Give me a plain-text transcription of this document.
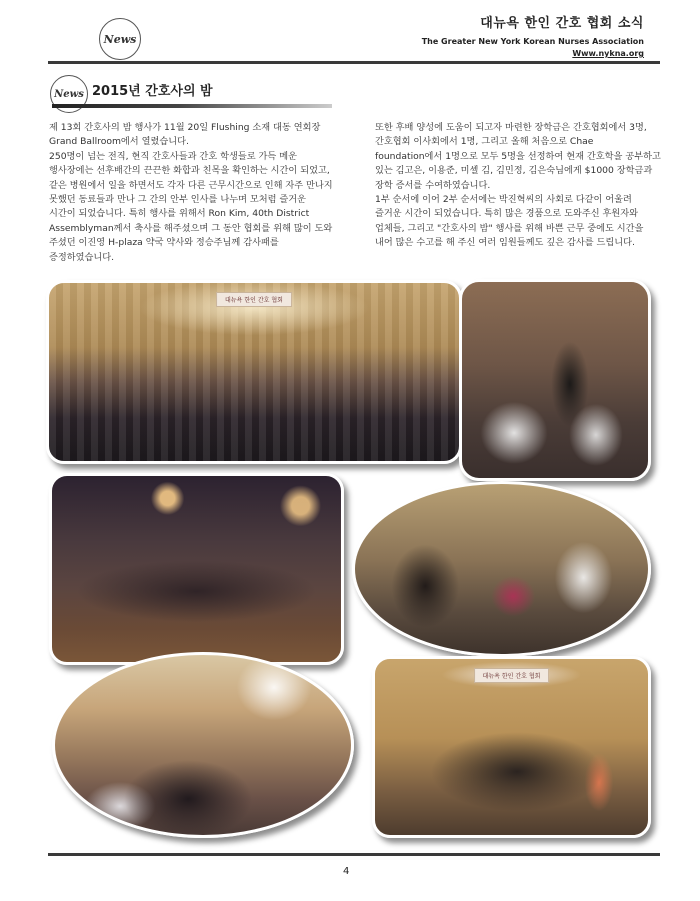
News
대뉴욕 한인 간호 협회 소식
The Greater New York Korean Nurses Association
Www.nykna.org
News 2015년 간호사의 밤

제 13회 간호사의 밤 행사가 11월 20일 Flushing 소재 대동 연회장 Grand Ballroom에서 열렸습니다.

250명이 넘는 전직, 현직 간호사들과 간호 학생들로 가득 메운 행사장에는 선후배간의 끈끈한 화합과 친목을 확인하는 시간이 되었고, 같은 병원에서 일을 하면서도 각자 다른 근무시간으로 인해 자주 만나지 못했던 동료들과 만나 그 간의 안부 인사를 나누며 모처럼 즐거운 시간이 되었습니다. 특히 행사를 위해서 Ron Kim, 40th District Assemblyman께서 축사를 해주셨으며 그 동안 협회를 위해 많이 도와 주셨던 이진영 H-plaza 약국 약사와 정승주님께 감사패를 증정하였습니다.

또한 후배 양성에 도움이 되고자 마련한 장학금은 간호협회에서 3명, 간호협회 이사회에서 1명, 그리고 올해 처음으로 Chae foundation에서 1명으로 모두 5명을 선정하여 현재 간호학을 공부하고 있는 김고은, 이용준, 미셸 김, 김민정, 김은숙님에게 $1000 장학금과 장학 증서를 수여하였습니다.

1부 순서에 이어 2부 순서에는 박진혁씨의 사회로 다같이 어울려 즐거운 시간이 되었습니다. 특히 많은 경품으로 도와주신 후원자와 업체들, 그리고 "간호사의 밤" 행사를 위해 바쁜 근무 중에도 시간을 내어 많은 수고를 해 주신 여러 임원들께도 깊은 감사를 드립니다.

대뉴욕 한인 간호 협회
대뉴욕 한인 간호 협회
4
